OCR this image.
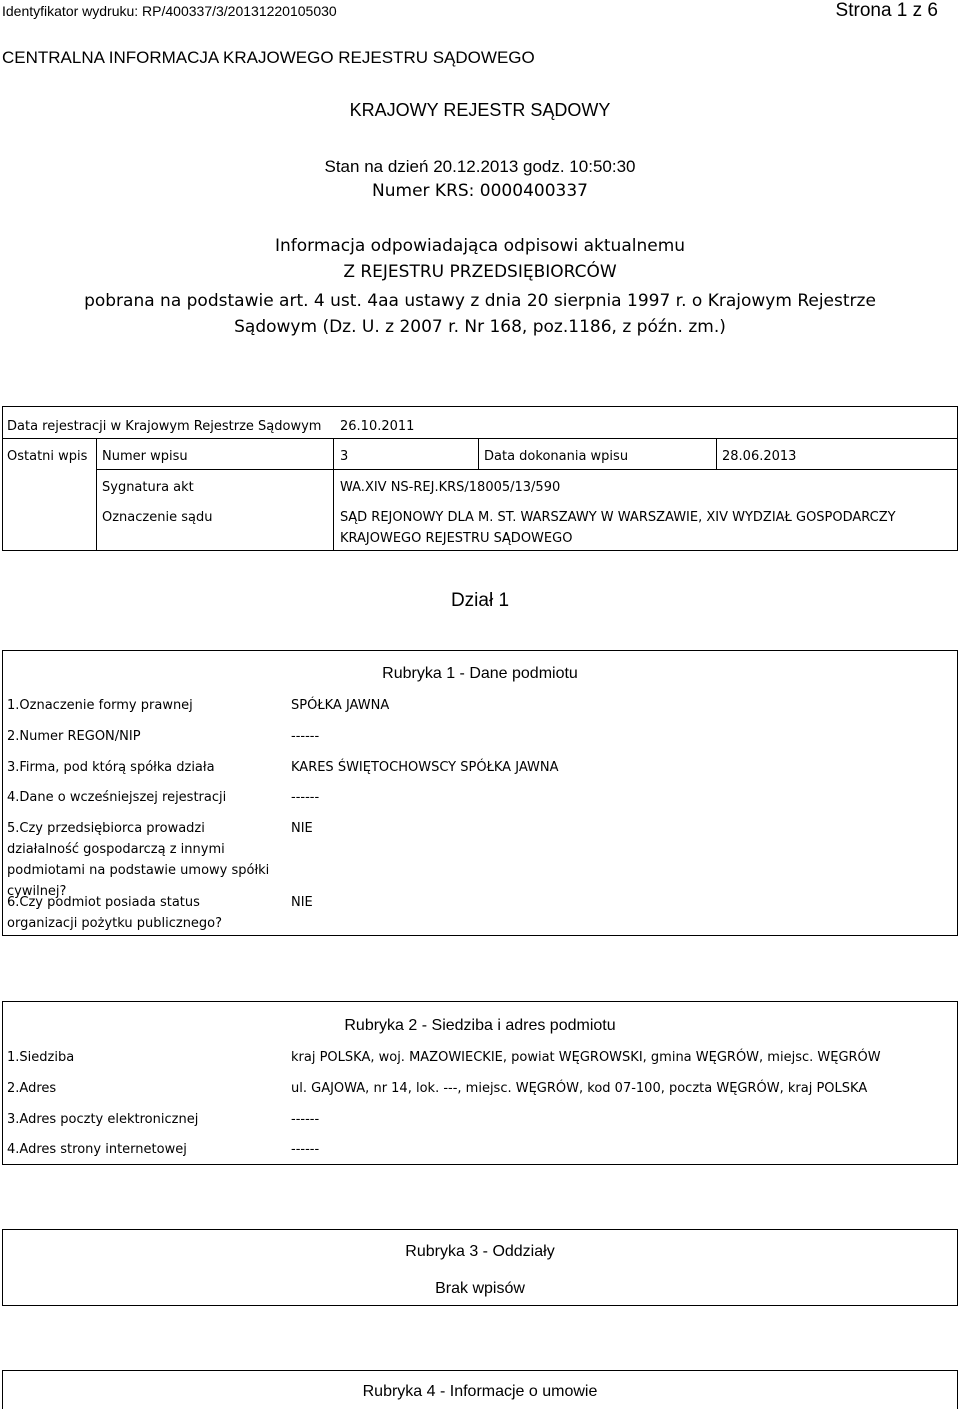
Identyfikator wydruku: RP/400337/3/20131220105030	Strona 1 z 6
CENTRALNA INFORMACJA KRAJOWEGO REJESTRU SĄDOWEGO
KRAJOWY REJESTR SĄDOWY
Stan na dzień 20.12.2013 godz. 10:50:30
Numer KRS: 0000400337
Informacja odpowiadająca odpisowi aktualnemu
Z REJESTRU PRZEDSIĘBIORCÓW
pobrana na podstawie art. 4 ust. 4aa ustawy z dnia 20 sierpnia 1997 r. o Krajowym Rejestrze Sądowym (Dz. U. z 2007 r. Nr 168, poz.1186, z późn. zm.)
Data rejestracji w Krajowym Rejestrze Sądowym 26.10.2011
Ostatni wpis Numer wpisu	3	Data dokonania wpisu	28.06.2013
Sygnatura akt	WA.XIV NS-REJ.KRS/18005/13/590
Oznaczenie sądu	SĄD REJONOWY DLA M. ST. WARSZAWY W WARSZAWIE, XIV WYDZIAŁ GOSPODARCZY KRAJOWEGO REJESTRU SĄDOWEGO
Dział 1
Rubryka 1 - Dane podmiotu
1.Oznaczenie formy prawnej	SPÓŁKA JAWNA
2.Numer REGON/NIP	------
3.Firma, pod którą spółka działa	KARES ŚWIĘTOCHOWSCY SPÓŁKA JAWNA
4.Dane o wcześniejszej rejestracji	------
5.Czy przedsiębiorca prowadzi działalność gospodarczą z innymi podmiotami na podstawie umowy spółki cywilnej?
NIE
6.Czy podmiot posiada status organizacji pożytku publicznego?
NIE
Rubryka 2 - Siedziba i adres podmiotu
1.Siedziba	kraj POLSKA, woj. MAZOWIECKIE, powiat WĘGROWSKI, gmina WĘGRÓW, miejsc. WĘGRÓW
2.Adres	ul. GAJOWA, nr 14, lok. ---, miejsc. WĘGRÓW, kod 07-100, poczta WĘGRÓW, kraj POLSKA
3.Adres poczty elektronicznej	------
4.Adres strony internetowej	------
Rubryka 3 - Oddziały
Brak wpisów
Rubryka 4 - Informacje o umowie
